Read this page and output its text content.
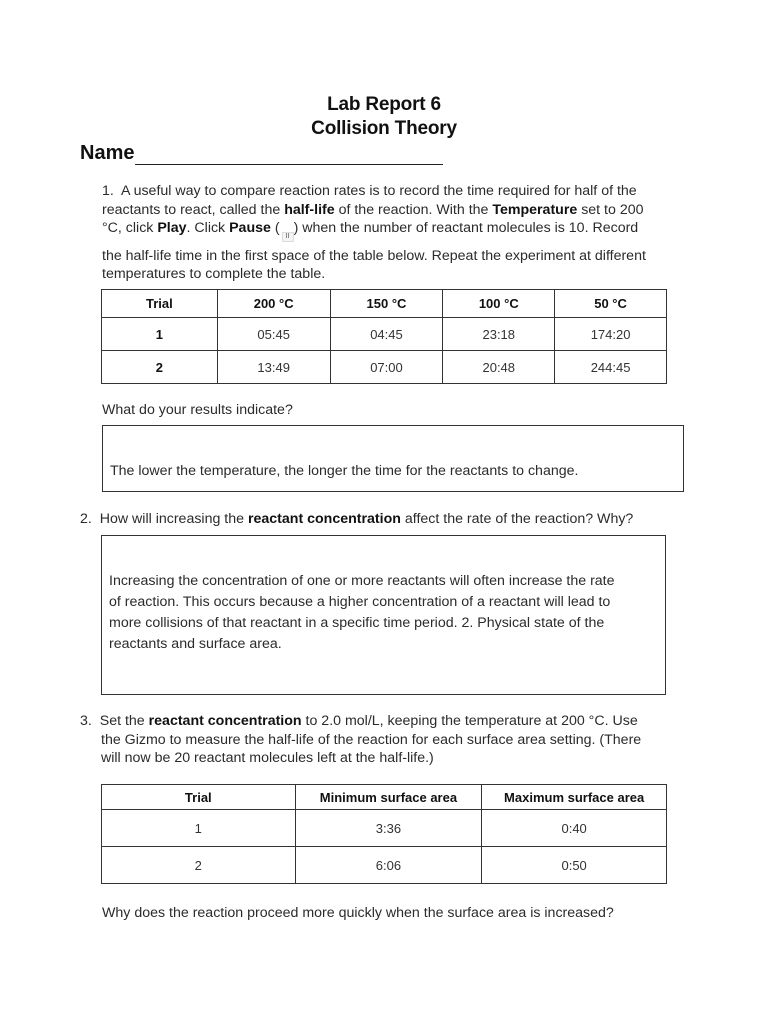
Lab Report 6
Collision Theory
Name
1. A useful way to compare reaction rates is to record the time required for half of the
reactants to react, called the half-life of the reaction. With the Temperature set to 200
°C, click Play. Click Pause (
II
) when the number of reactant molecules is 10. Record
the half-life time in the first space of the table below. Repeat the experiment at different
temperatures to complete the table.
Trial	200 °C	150 °C	100 °C	50 °C
1	05:45	04:45	23:18	174:20
2	13:49	07:00	20:48	244:45
What do your results indicate?
The lower the temperature, the longer the time for the reactants to change.
2. How will increasing the reactant concentration affect the rate of the reaction? Why?
Increasing the concentration of one or more reactants will often increase the rate
of reaction. This occurs because a higher concentration of a reactant will lead to
more collisions of that reactant in a specific time period. 2. Physical state of the
reactants and surface area.
3. Set the reactant concentration to 2.0 mol/L, keeping the temperature at 200 °C. Use
the Gizmo to measure the half-life of the reaction for each surface area setting. (There
will now be 20 reactant molecules left at the half-life.)
Trial	Minimum surface area	Maximum surface area
1	3:36	0:40
2	6:06	0:50
Why does the reaction proceed more quickly when the surface area is increased?
